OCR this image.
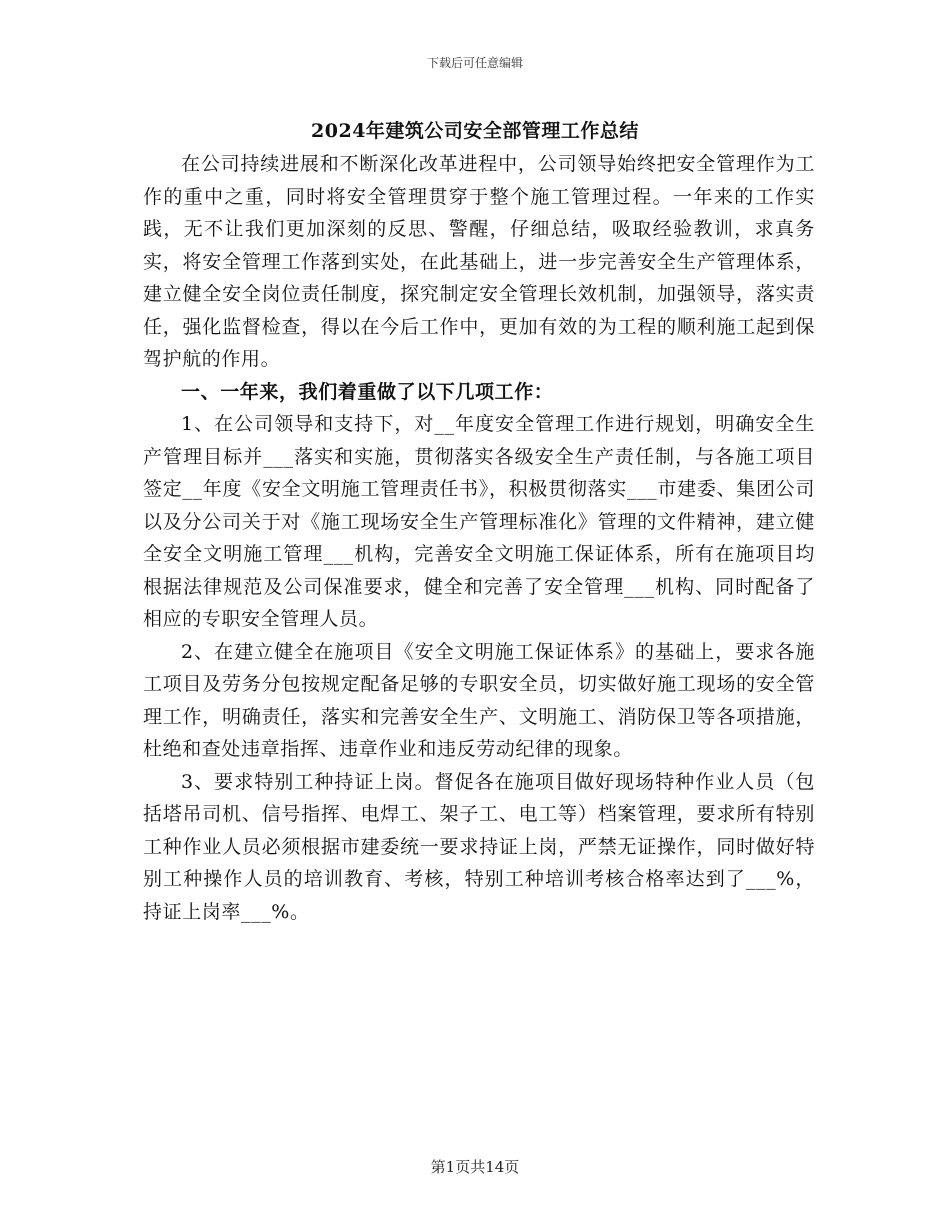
下载后可任意编辑
2024年建筑公司安全部管理工作总结

在公司持续进展和不断深化改革进程中，公司领导始终把安全管理作为工作的重中之重，同时将安全管理贯穿于整个施工管理过程。一年来的工作实践，无不让我们更加深刻的反思、警醒，仔细总结，吸取经验教训，求真务实，将安全管理工作落到实处，在此基础上，进一步完善安全生产管理体系，建立健全安全岗位责任制度，探究制定安全管理长效机制，加强领导，落实责任，强化监督检查，得以在今后工作中，更加有效的为工程的顺利施工起到保驾护航的作用。

一、一年来，我们着重做了以下几项工作：

1、在公司领导和支持下，对__年度安全管理工作进行规划，明确安全生产管理目标并___落实和实施，贯彻落实各级安全生产责任制，与各施工项目签定__年度《安全文明施工管理责任书》，积极贯彻落实___市建委、集团公司以及分公司关于对《施工现场安全生产管理标准化》管理的文件精神，建立健全安全文明施工管理___机构，完善安全文明施工保证体系，所有在施项目均根据法律规范及公司保准要求，健全和完善了安全管理___机构、同时配备了相应的专职安全管理人员。

2、在建立健全在施项目《安全文明施工保证体系》的基础上，要求各施工项目及劳务分包按规定配备足够的专职安全员，切实做好施工现场的安全管理工作，明确责任，落实和完善安全生产、文明施工、消防保卫等各项措施，杜绝和查处违章指挥、违章作业和违反劳动纪律的现象。

3、要求特别工种持证上岗。督促各在施项目做好现场特种作业人员（包括塔吊司机、信号指挥、电焊工、架子工、电工等）档案管理，要求所有特别工种作业人员必须根据市建委统一要求持证上岗，严禁无证操作，同时做好特别工种操作人员的培训教育、考核，特别工种培训考核合格率达到了___%，持证上岗率___%。

第1页共14页
